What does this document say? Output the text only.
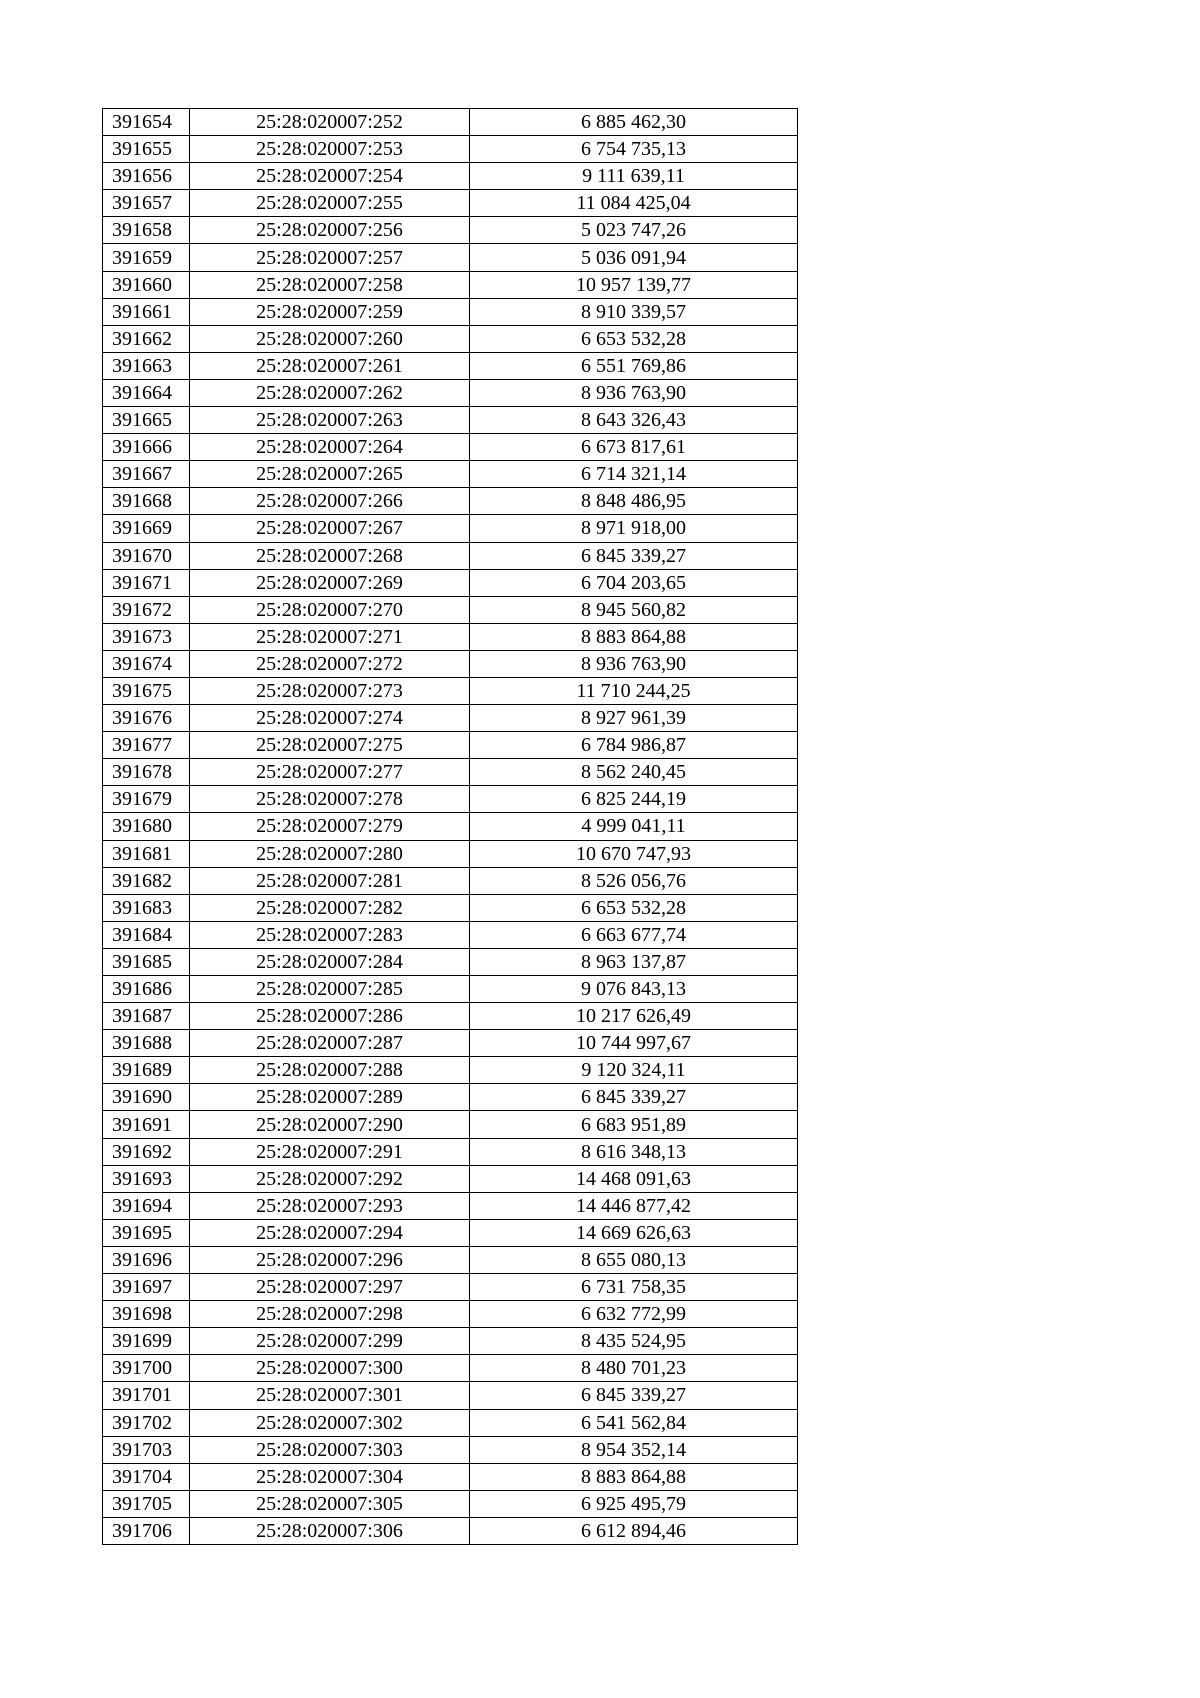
391654	25:28:020007:252	6 885 462,30
391655	25:28:020007:253	6 754 735,13
391656	25:28:020007:254	9 111 639,11
391657	25:28:020007:255	11 084 425,04
391658	25:28:020007:256	5 023 747,26
391659	25:28:020007:257	5 036 091,94
391660	25:28:020007:258	10 957 139,77
391661	25:28:020007:259	8 910 339,57
391662	25:28:020007:260	6 653 532,28
391663	25:28:020007:261	6 551 769,86
391664	25:28:020007:262	8 936 763,90
391665	25:28:020007:263	8 643 326,43
391666	25:28:020007:264	6 673 817,61
391667	25:28:020007:265	6 714 321,14
391668	25:28:020007:266	8 848 486,95
391669	25:28:020007:267	8 971 918,00
391670	25:28:020007:268	6 845 339,27
391671	25:28:020007:269	6 704 203,65
391672	25:28:020007:270	8 945 560,82
391673	25:28:020007:271	8 883 864,88
391674	25:28:020007:272	8 936 763,90
391675	25:28:020007:273	11 710 244,25
391676	25:28:020007:274	8 927 961,39
391677	25:28:020007:275	6 784 986,87
391678	25:28:020007:277	8 562 240,45
391679	25:28:020007:278	6 825 244,19
391680	25:28:020007:279	4 999 041,11
391681	25:28:020007:280	10 670 747,93
391682	25:28:020007:281	8 526 056,76
391683	25:28:020007:282	6 653 532,28
391684	25:28:020007:283	6 663 677,74
391685	25:28:020007:284	8 963 137,87
391686	25:28:020007:285	9 076 843,13
391687	25:28:020007:286	10 217 626,49
391688	25:28:020007:287	10 744 997,67
391689	25:28:020007:288	9 120 324,11
391690	25:28:020007:289	6 845 339,27
391691	25:28:020007:290	6 683 951,89
391692	25:28:020007:291	8 616 348,13
391693	25:28:020007:292	14 468 091,63
391694	25:28:020007:293	14 446 877,42
391695	25:28:020007:294	14 669 626,63
391696	25:28:020007:296	8 655 080,13
391697	25:28:020007:297	6 731 758,35
391698	25:28:020007:298	6 632 772,99
391699	25:28:020007:299	8 435 524,95
391700	25:28:020007:300	8 480 701,23
391701	25:28:020007:301	6 845 339,27
391702	25:28:020007:302	6 541 562,84
391703	25:28:020007:303	8 954 352,14
391704	25:28:020007:304	8 883 864,88
391705	25:28:020007:305	6 925 495,79
391706	25:28:020007:306	6 612 894,46
